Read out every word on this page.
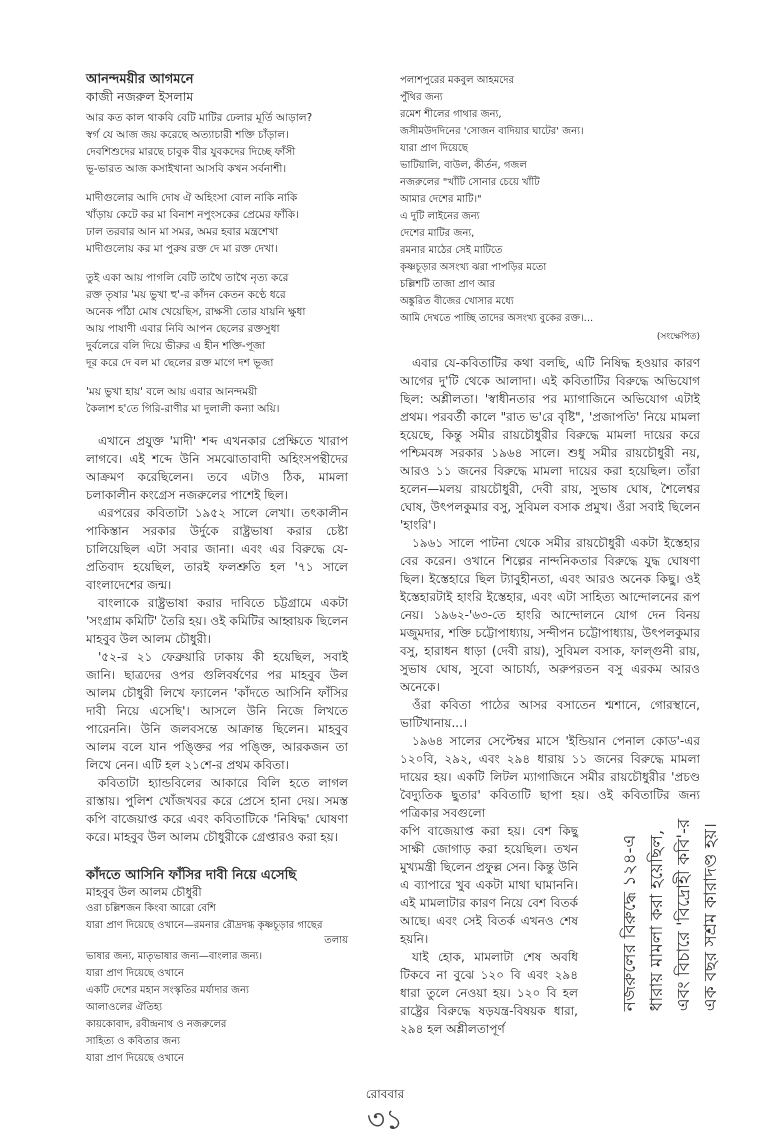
আনন্দময়ীর আগমনে
কাজী নজরুল ইসলাম
আর কত কাল থাকবি বেটি মাটির ঢেলার মূর্তি আড়াল?
স্বর্গ যে আজ জয় করেছে অত্যাচারী শক্তি চাঁড়াল।
দেবশিশুদের মারছে চাবুক বীর যুবকদের দিচ্ছে ফাঁসী
ভূ-ভারত আজ কসাইখানা আসবি কখন সর্বনাশী।
মাদীগুলোর আদি দোষ ঐ অহিংসা বোল নাকি নাকি
খাঁড়ায় কেটে কর মা বিনাশ নপুংসকের প্রেমের ফাঁকি।
ঢাল তরবার আন মা সমর, অমর হবার মন্ত্রশেখা
মাদীগুলোয় কর মা পুরুষ রক্ত দে মা রক্ত দেখা।
তুই একা আয় পাগলি বেটি তাথৈ তাথৈ নৃত্য করে
রক্ত তৃষার 'ময় ভুখা হু'-র কাঁদন কেতন কণ্ঠে ধরে
অনেক পাঁঠা মোষ খেয়েছিস, রাক্ষসী তোর যায়নি ক্ষুধা
আয় পাষাণী এবার নিবি আপন ছেলের রক্তসুধা
দুর্বলেরে বলি দিয়ে ভীরুর এ হীন শক্তি-পূজা
দূর করে দে বল মা ছেলের রক্ত মাগে দশ ভূজা
'ময় ভুখা হায়' বলে আয় এবার আনন্দময়ী
কৈলাশ হ'তে গিরি-রাণীর মা দুলালী কন্যা অয়ি।

এখানে প্রযুক্ত 'মাদী' শব্দ এখনকার প্রেক্ষিতে খারাপ লাগবে। এই শব্দে উনি সমঝোতাবাদী অহিংসপন্থীদের আক্রমণ করেছিলেন। তবে এটাও ঠিক, মামলা চলাকালীন কংগ্রেস নজরুলের পাশেই ছিল।

এরপরের কবিতাটা ১৯৫২ সালে লেখা। তৎকালীন পাকিস্তান সরকার উর্দুকে রাষ্ট্রভাষা করার চেষ্টা চালিয়েছিল এটা সবার জানা। এবং এর বিরুদ্ধে যে-প্রতিবাদ হয়েছিল, তারই ফলশ্রুতি হল '৭১ সালে বাংলাদেশের জন্ম।

বাংলাকে রাষ্ট্রভাষা করার দাবিতে চট্টগ্রামে একটা 'সংগ্রাম কমিটি' তৈরি হয়। ওই কমিটির আহ্বায়ক ছিলেন মাহবুব উল আলম চৌধুরী।

'৫২-র ২১ ফেব্রুয়ারি ঢাকায় কী হয়েছিল, সবাই জানি। ছাত্রদের ওপর গুলিবর্ষণের পর মাহবুব উল আলম চৌধুরী লিখে ফ্যালেন 'কাঁদতে আসিনি ফাঁসির দাবী নিয়ে এসেছি'। আসলে উনি নিজে লিখতে পারেননি। উনি জলবসন্তে আক্রান্ত ছিলেন। মাহবুব আলম বলে যান পঙ্ক্তির পর পঙ্ক্তি, আরকজন তা লিখে নেন। এটি হল ২১শে-র প্রথম কবিতা।

কবিতাটা হ্যান্ডবিলের আকারে বিলি হতে লাগল রাস্তায়। পুলিশ খোঁজখবর করে প্রেসে হানা দেয়। সমস্ত কপি বাজেয়াপ্ত করে এবং কবিতাটিকে 'নিষিদ্ধ' ঘোষণা করে। মাহবুব উল আলম চৌধুরীকে গ্রেপ্তারও করা হয়।

কাঁদতে আসিনি ফাঁসির দাবী নিয়ে এসেছি
মাহবুব উল আলম চৌধুরী
ওরা চল্লিশজন কিংবা আরো বেশি
যারা প্রাণ দিয়েছে ওখানে—রমনার রৌদ্রদগ্ধ কৃষ্ণচূড়ার গাছের
তলায়
ভাষার জন্য, মাতৃভাষার জন্য—বাংলার জন্য।
যারা প্রাণ দিয়েছে ওখানে
একটি দেশের মহান সংস্কৃতির মর্যাদার জন্য
আলাওলের ঐতিহ্য
কায়কোবাদ, রবীন্দ্রনাথ ও নজরুলের
সাহিত্য ও কবিতার জন্য
যারা প্রাণ দিয়েছে ওখানে
পলাশপুরের মকবুল আহমদের
পুঁথির জন্য
রমেশ শীলের গাথার জন্য,
জসীমউদদিনের 'সোজন বাদিয়ার ঘাটের' জন্য।
যারা প্রাণ দিয়েছে
ভাটিয়ালি, বাউল, কীর্তন, গজল
নজরুলের "খাঁটি সোনার চেয়ে খাঁটি
আমার দেশের মাটি।"
এ দুটি লাইনের জন্য
দেশের মাটির জন্য,
রমনার মাঠের সেই মাটিতে
কৃষ্ণচূড়ার অসংখ্য ঝরা পাপড়ির মতো
চল্লিশটি তাজা প্রাণ আর
অঙ্কুরিত বীজের খোসার মধ্যে
আমি দেখতে পাচ্ছি তাদের অসংখ্য বুকের রক্ত।...
(সংক্ষেপিত)

এবার যে-কবিতাটির কথা বলছি, এটি নিষিদ্ধ হওয়ার কারণ আগের দু'টি থেকে আলাদা। এই কবিতাটির বিরুদ্ধে অভিযোগ ছিল: অশ্লীলতা। 'স্বাধীনতার পর ম্যাগাজিনে অভিযোগ এটাই প্রথম। পরবর্তী কালে "রাত ভ'রে বৃষ্টি", 'প্রজাপতি' নিয়ে মামলা হয়েছে, কিন্তু সমীর রায়চৌধুরীর বিরুদ্ধে মামলা দায়ের করে পশ্চিমবঙ্গ সরকার ১৯৬৪ সালে। শুধু সমীর রায়চৌধুরী নয়, আরও ১১ জনের বিরুদ্ধে মামলা দায়ের করা হয়েছিল। তাঁরা হলেন—মলয় রায়চৌধুরী, দেবী রায়, সুভাষ ঘোষ, শৈলেশ্বর ঘোষ, উৎপলকুমার বসু, সুবিমল বসাক প্রমুখ। ওঁরা সবাই ছিলেন 'হাংরি'।

১৯৬১ সালে পাটনা থেকে সমীর রায়চৌধুরী একটা ইস্তেহার বের করেন। ওখানে শিল্পের নান্দনিকতার বিরুদ্ধে যুদ্ধ ঘোষণা ছিল। ইস্তেহারে ছিল ট্যাবুহীনতা, এবং আরও অনেক কিছু। ওই ইস্তেহারটাই হাংরি ইস্তেহার, এবং এটা সাহিত্য আন্দোলনের রূপ নেয়। ১৯৬২-'৬৩-তে হাংরি আন্দোলনে যোগ দেন বিনয় মজুমদার, শক্তি চট্টোপাধ্যায়, সন্দীপন চট্টোপাধ্যায়, উৎপলকুমার বসু, হারাধন ধাড়া (দেবী রায়), সুবিমল বসাক, ফাল্গুনী রায়, সুভাষ ঘোষ, সুবো আচার্য্য, অরুপরতন বসু এরকম আরও অনেকে।

ওঁরা কবিতা পাঠের আসর বসাতেন শ্মশানে, গোরস্থানে, ভাটিখানায়...।

১৯৬৪ সালের সেপ্টেম্বর মাসে 'ইন্ডিয়ান পেনাল কোড'-এর ১২০বি, ২৯২, এবং ২৯৪ ধারায় ১১ জনের বিরুদ্ধে মামলা দায়ের হয়। একটি লিটল ম্যাগাজিনে সমীর রায়চৌধুরীর 'প্রচণ্ড বৈদ্যুতিক ছুতার' কবিতাটি ছাপা হয়। ওই কবিতাটির জন্য পত্রিকার সবগুলো

কপি বাজেয়াপ্ত করা হয়। বেশ কিছু সাক্ষী জোগাড় করা হয়েছিল। তখন মুখ্যমন্ত্রী ছিলেন প্রফুল্ল সেন। কিন্তু উনি এ ব্যাপারে খুব একটা মাথা ঘামাননি। এই মামলাটার কারণ নিয়ে বেশ বিতর্ক আছে। এবং সেই বিতর্ক এখনও শেষ হয়নি।

যাই হোক, মামলাটা শেষ অবধি টিকবে না বুঝে ১২০ বি এবং ২৯৪ ধারা তুলে নেওয়া হয়। ১২০ বি হল রাষ্ট্রের বিরুদ্ধে ষড়যন্ত্র-বিষয়ক ধারা, ২৯৪ হল অশ্লীলতাপূর্ণ

নজরুলের বিরুদ্ধে ১২৪-এ ধারায় মামলা করা হয়েছিল, এবং বিচারে 'বিদ্রোহী কবি'-র এক বছর সশ্রম কারাদণ্ড হয়।
রোববার
৩১
